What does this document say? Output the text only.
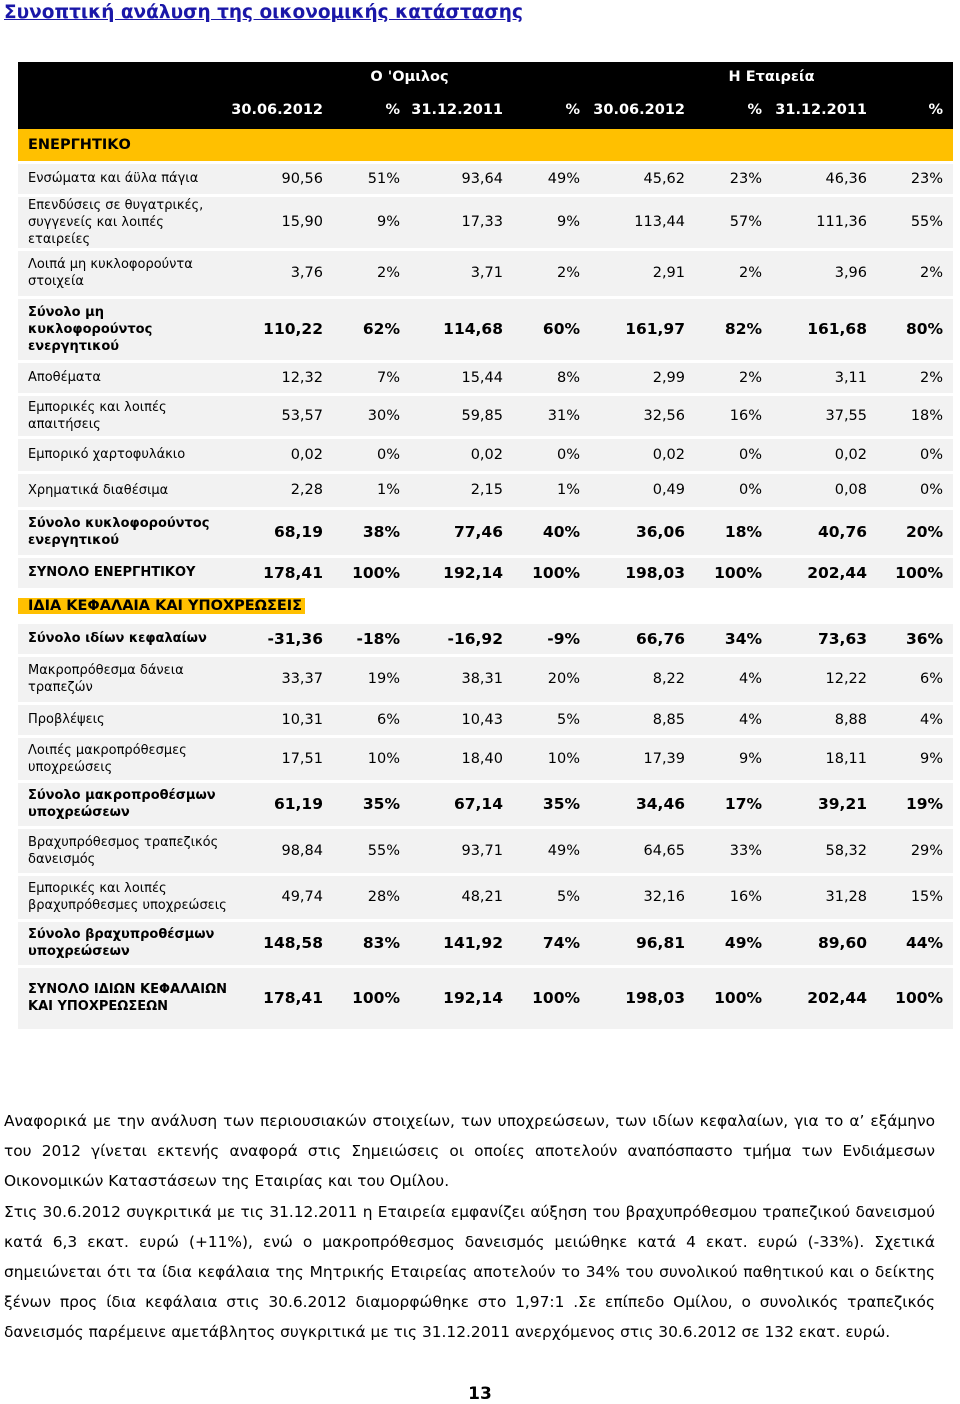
Συνοπτική ανάλυση της οικονομικής κατάστασης
ποσά σε εκατ. ευρώ	Ο 'Ομιλος				Η Εταιρεία			
	30.06.2012	%	31.12.2011	%	30.06.2012	%	31.12.2011	%
ΕΝΕΡΓΗΤΙΚΟ								
Ενσώματα και άϋλα πάγια	90,56	51%	93,64	49%	45,62	23%	46,36	23%
Επενδύσεις σε θυγατρικές, συγγενείς και λοιπές εταιρείες	15,90	9%	17,33	9%	113,44	57%	111,36	55%
Λοιπά μη κυκλοφορούντα στοιχεία	3,76	2%	3,71	2%	2,91	2%	3,96	2%
Σύνολο μη κυκλοφορούντος ενεργητικού	110,22	62%	114,68	60%	161,97	82%	161,68	80%
Αποθέματα	12,32	7%	15,44	8%	2,99	2%	3,11	2%
Εμπορικές και λοιπές απαιτήσεις	53,57	30%	59,85	31%	32,56	16%	37,55	18%
Εμπορικό χαρτοφυλάκιο	0,02	0%	0,02	0%	0,02	0%	0,02	0%
Χρηματικά διαθέσιμα	2,28	1%	2,15	1%	0,49	0%	0,08	0%
Σύνολο κυκλοφορούντος ενεργητικού	68,19	38%	77,46	40%	36,06	18%	40,76	20%
ΣΥΝΟΛΟ ΕΝΕΡΓΗΤΙΚΟΥ	178,41	100%	192,14	100%	198,03	100%	202,44	100%
ΙΔΙΑ ΚΕΦΑΛΑΙΑ ΚΑΙ ΥΠΟΧΡΕΩΣΕΙΣ								
Σύνολο ιδίων κεφαλαίων	-31,36	-18%	-16,92	-9%	66,76	34%	73,63	36%
Μακροπρόθεσμα δάνεια τραπεζών	33,37	19%	38,31	20%	8,22	4%	12,22	6%
Προβλέψεις	10,31	6%	10,43	5%	8,85	4%	8,88	4%
Λοιπές μακροπρόθεσμες υποχρεώσεις	17,51	10%	18,40	10%	17,39	9%	18,11	9%
Σύνολο μακροπροθέσμων υποχρεώσεων	61,19	35%	67,14	35%	34,46	17%	39,21	19%
Βραχυπρόθεσμος τραπεζικός δανεισμός	98,84	55%	93,71	49%	64,65	33%	58,32	29%
Εμπορικές και λοιπές βραχυπρόθεσμες υποχρεώσεις	49,74	28%	48,21	5%	32,16	16%	31,28	15%
Σύνολο βραχυπροθέσμων υποχρεώσεων	148,58	83%	141,92	74%	96,81	49%	89,60	44%
ΣΥΝΟΛΟ ΙΔΙΩΝ ΚΕΦΑΛΑΙΩΝ ΚΑΙ ΥΠΟΧΡΕΩΣΕΩΝ	178,41	100%	192,14	100%	198,03	100%	202,44	100%

Αναφορικά με την ανάλυση των περιουσιακών στοιχείων, των υποχρεώσεων, των ιδίων κεφαλαίων, για το α’ εξάμηνο του 2012 γίνεται εκτενής αναφορά στις Σημειώσεις οι οποίες αποτελούν αναπόσπαστο τμήμα των Ενδιάμεσων Οικονομικών Καταστάσεων της Εταιρίας και του Ομίλου.

Στις 30.6.2012 συγκριτικά με τις 31.12.2011 η Εταιρεία εμφανίζει αύξηση του βραχυπρόθεσμου τραπεζικού δανεισμού κατά 6,3 εκατ. ευρώ (+11%), ενώ ο μακροπρόθεσμος δανεισμός μειώθηκε κατά 4 εκατ. ευρώ (-33%). Σχετικά σημειώνεται ότι τα ίδια κεφάλαια της Μητρικής Εταιρείας αποτελούν το 34% του συνολικού παθητικού και ο δείκτης ξένων προς ίδια κεφάλαια στις 30.6.2012 διαμορφώθηκε στο 1,97:1 .Σε επίπεδο Ομίλου, ο συνολικός τραπεζικός δανεισμός παρέμεινε αμετάβλητος συγκριτικά με τις 31.12.2011 ανερχόμενος στις 30.6.2012 σε 132 εκατ. ευρώ.

13
